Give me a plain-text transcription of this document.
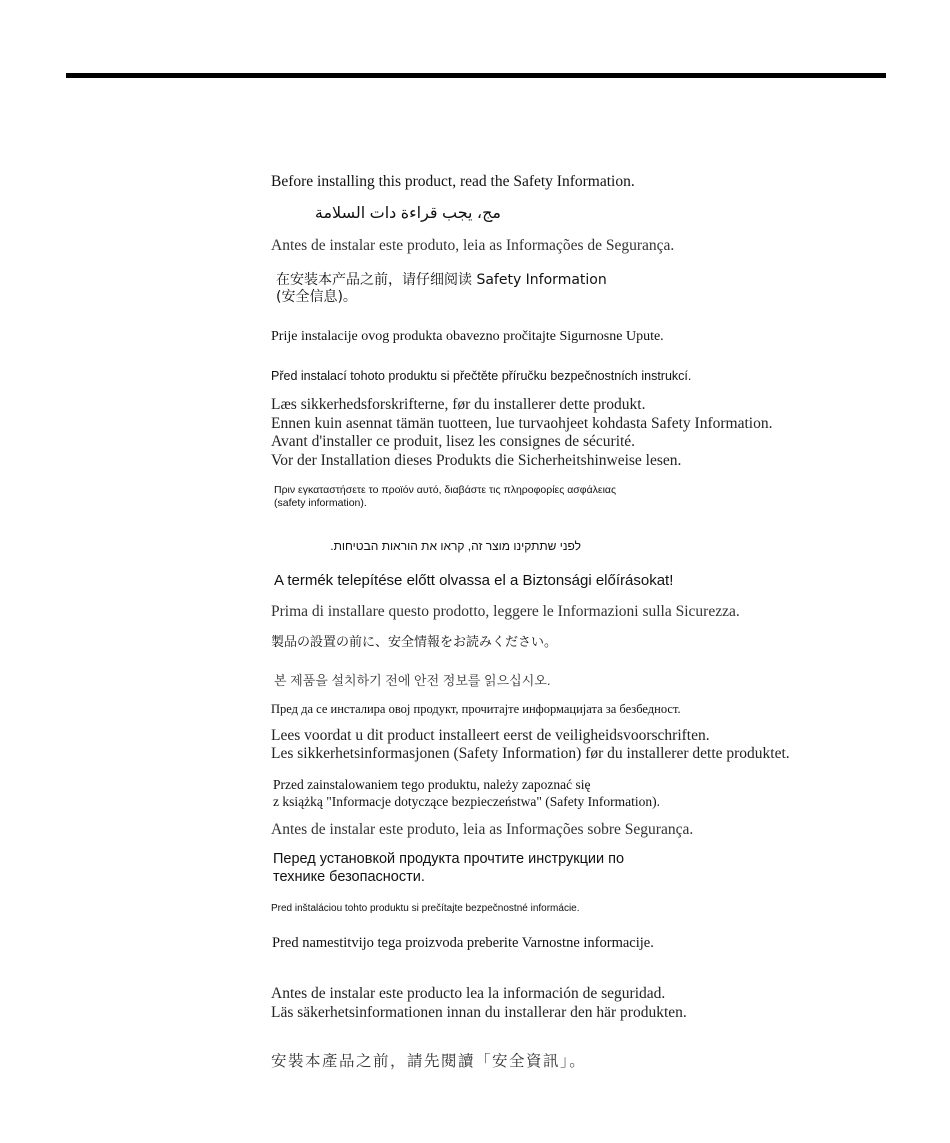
Before installing this product, read the Safety Information.

مج، يجب قراءة دات السلامة

Antes de instalar este produto, leia as Informações de Segurança.

在安装本产品之前，请仔细阅读 Safety Information
(安全信息)。

Prije instalacije ovog produkta obavezno pročitajte Sigurnosne Upute.

Před instalací tohoto produktu si přečtěte příručku bezpečnostních instrukcí.

Læs sikkerhedsforskrifterne, før du installerer dette produkt.
Ennen kuin asennat tämän tuotteen, lue turvaohjeet kohdasta Safety Information.
Avant d'installer ce produit, lisez les consignes de sécurité.
Vor der Installation dieses Produkts die Sicherheitshinweise lesen.
Πριν εγκαταστήσετε το προϊόν αυτό, διαβάστε τις πληροφορίες ασφάλειας
(safety information).

לפני שתתקינו מוצר זה, קראו את הוראות הבטיחות.

A termék telepítése előtt olvassa el a Biztonsági előírásokat!

Prima di installare questo prodotto, leggere le Informazioni sulla Sicurezza.

製品の設置の前に、安全情報をお読みください。

본 제품을 설치하기 전에 안전 정보를 읽으십시오.

Пред да се инсталира овој продукт, прочитајте информацијата за безбедност.

Lees voordat u dit product installeert eerst de veiligheidsvoorschriften.
Les sikkerhetsinformasjonen (Safety Information) før du installerer dette produktet.
Przed zainstalowaniem tego produktu, należy zapoznać się
z książką "Informacje dotyczące bezpieczeństwa" (Safety Information).

Antes de instalar este produto, leia as Informações sobre Segurança.

Перед установкой продукта прочтите инструкции по
технике безопасности.

Pred inštaláciou tohto produktu si prečítajte bezpečnostné informácie.

Pred namestitvijo tega proizvoda preberite Varnostne informacije.

Antes de instalar este producto lea la información de seguridad.
Läs säkerhetsinformationen innan du installerar den här produkten.

安裝本產品之前，請先閱讀「安全資訊」。
